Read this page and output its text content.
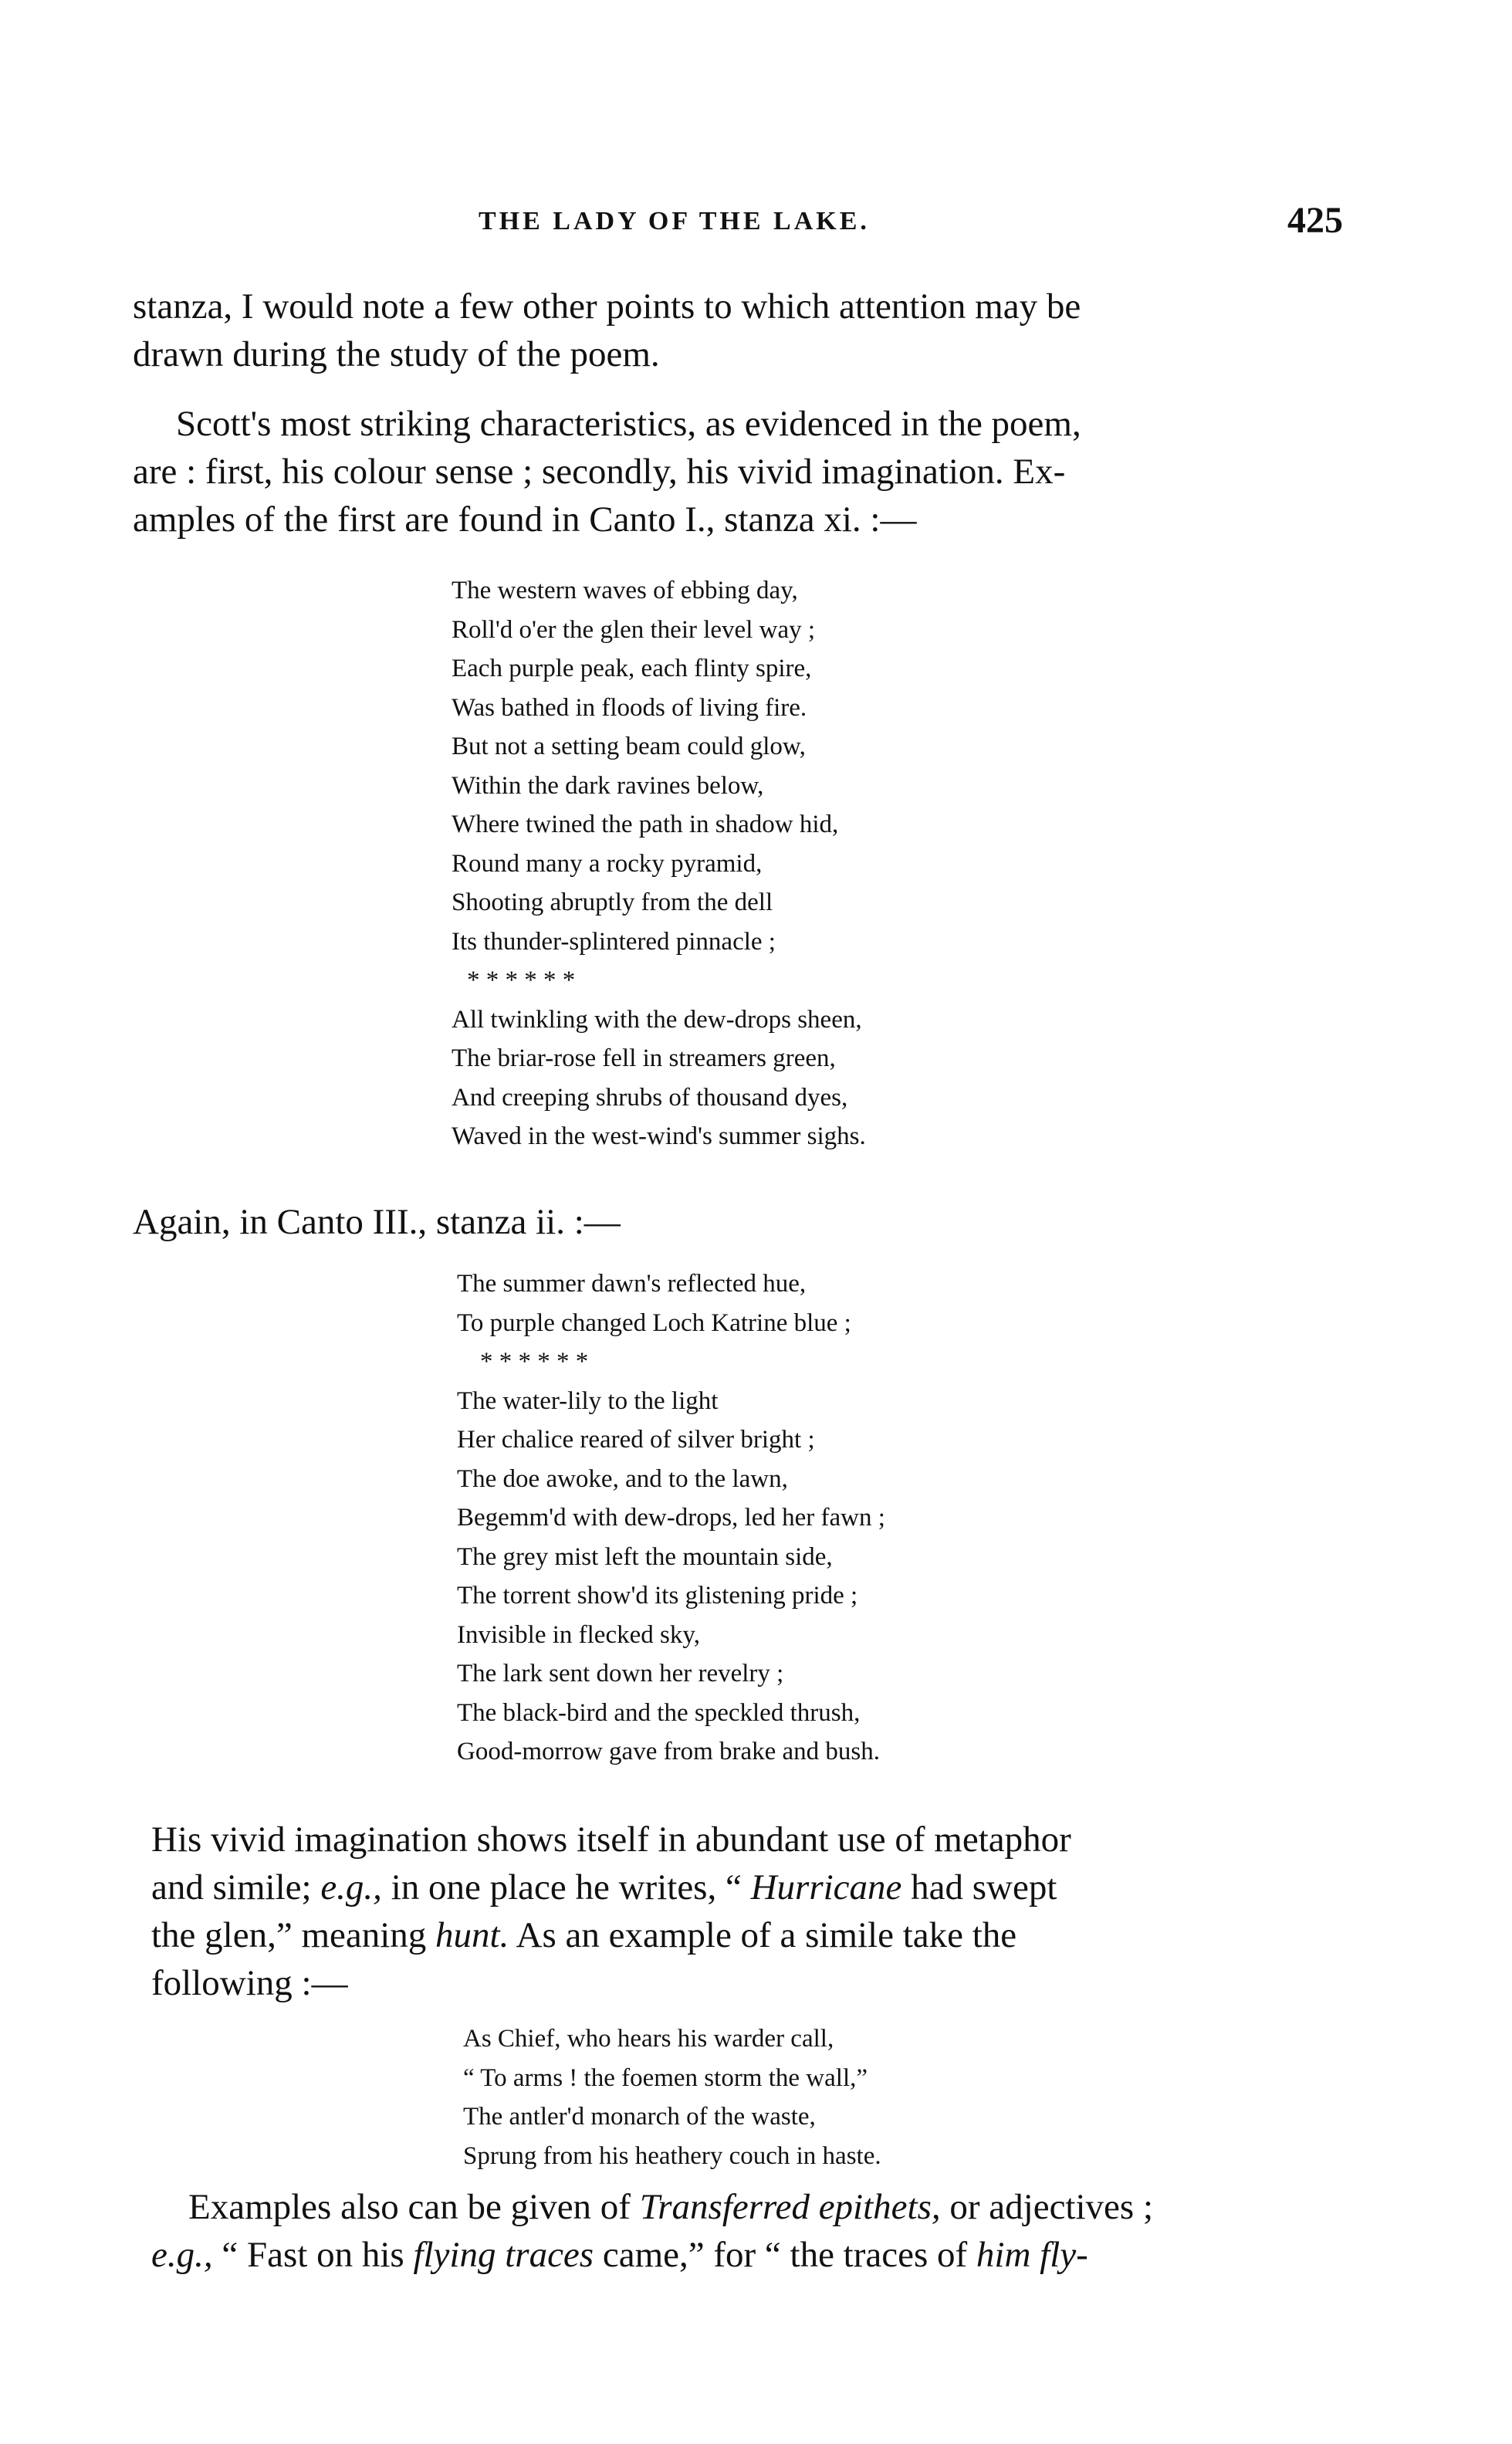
THE LADY OF THE LAKE.	425
stanza, I would note a few other points to which attention may be
drawn during the study of the poem.
Scott's most striking characteristics, as evidenced in the poem,
are : first, his colour sense ; secondly, his vivid imagination. Ex-
amples of the first are found in Canto I., stanza xi. :—
The western waves of ebbing day,
Roll'd o'er the glen their level way ;
Each purple peak, each flinty spire,
Was bathed in floods of living fire.
But not a setting beam could glow,
Within the dark ravines below,
Where twined the path in shadow hid,
Round many a rocky pyramid,
Shooting abruptly from the dell
Its thunder-splintered pinnacle ;
* * * * * *
All twinkling with the dew-drops sheen,
The briar-rose fell in streamers green,
And creeping shrubs of thousand dyes,
Waved in the west-wind's summer sighs.
Again, in Canto III., stanza ii. :—
The summer dawn's reflected hue,
To purple changed Loch Katrine blue ;
* * * * * *
The water-lily to the light
Her chalice reared of silver bright ;
The doe awoke, and to the lawn,
Begemm'd with dew-drops, led her fawn ;
The grey mist left the mountain side,
The torrent show'd its glistening pride ;
Invisible in flecked sky,
The lark sent down her revelry ;
The black-bird and the speckled thrush,
Good-morrow gave from brake and bush.
His vivid imagination shows itself in abundant use of metaphor
and simile; e.g., in one place he writes, “ Hurricane had swept
the glen,” meaning hunt. As an example of a simile take the
following :—
As Chief, who hears his warder call,
“ To arms ! the foemen storm the wall,”
The antler'd monarch of the waste,
Sprung from his heathery couch in haste.
Examples also can be given of Transferred epithets, or adjectives ;
e.g., “ Fast on his flying traces came,” for “ the traces of him fly-
